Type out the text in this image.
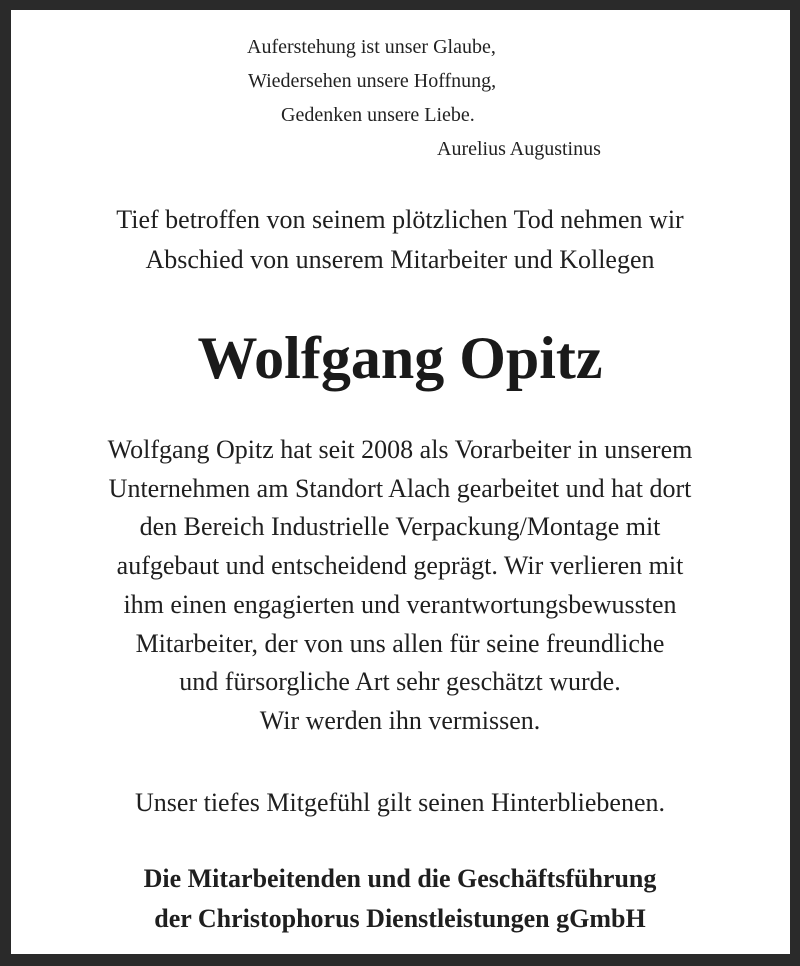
Auferstehung ist unser Glaube,
Wiedersehen unsere Hoffnung,
Gedenken unsere Liebe.
Aurelius Augustinus
Tief betroffen von seinem plötzlichen Tod nehmen wir
Abschied von unserem Mitarbeiter und Kollegen
Wolfgang Opitz
Wolfgang Opitz hat seit 2008 als Vorarbeiter in unserem
Unternehmen am Standort Alach gearbeitet und hat dort
den Bereich Industrielle Verpackung/Montage mit
aufgebaut und entscheidend geprägt. Wir verlieren mit
ihm einen engagierten und verantwortungsbewussten
Mitarbeiter, der von uns allen für seine freundliche
und fürsorgliche Art sehr geschätzt wurde.
Wir werden ihn vermissen.
Unser tiefes Mitgefühl gilt seinen Hinterbliebenen.
Die Mitarbeitenden und die Geschäftsführung
der Christophorus Dienstleistungen gGmbH
